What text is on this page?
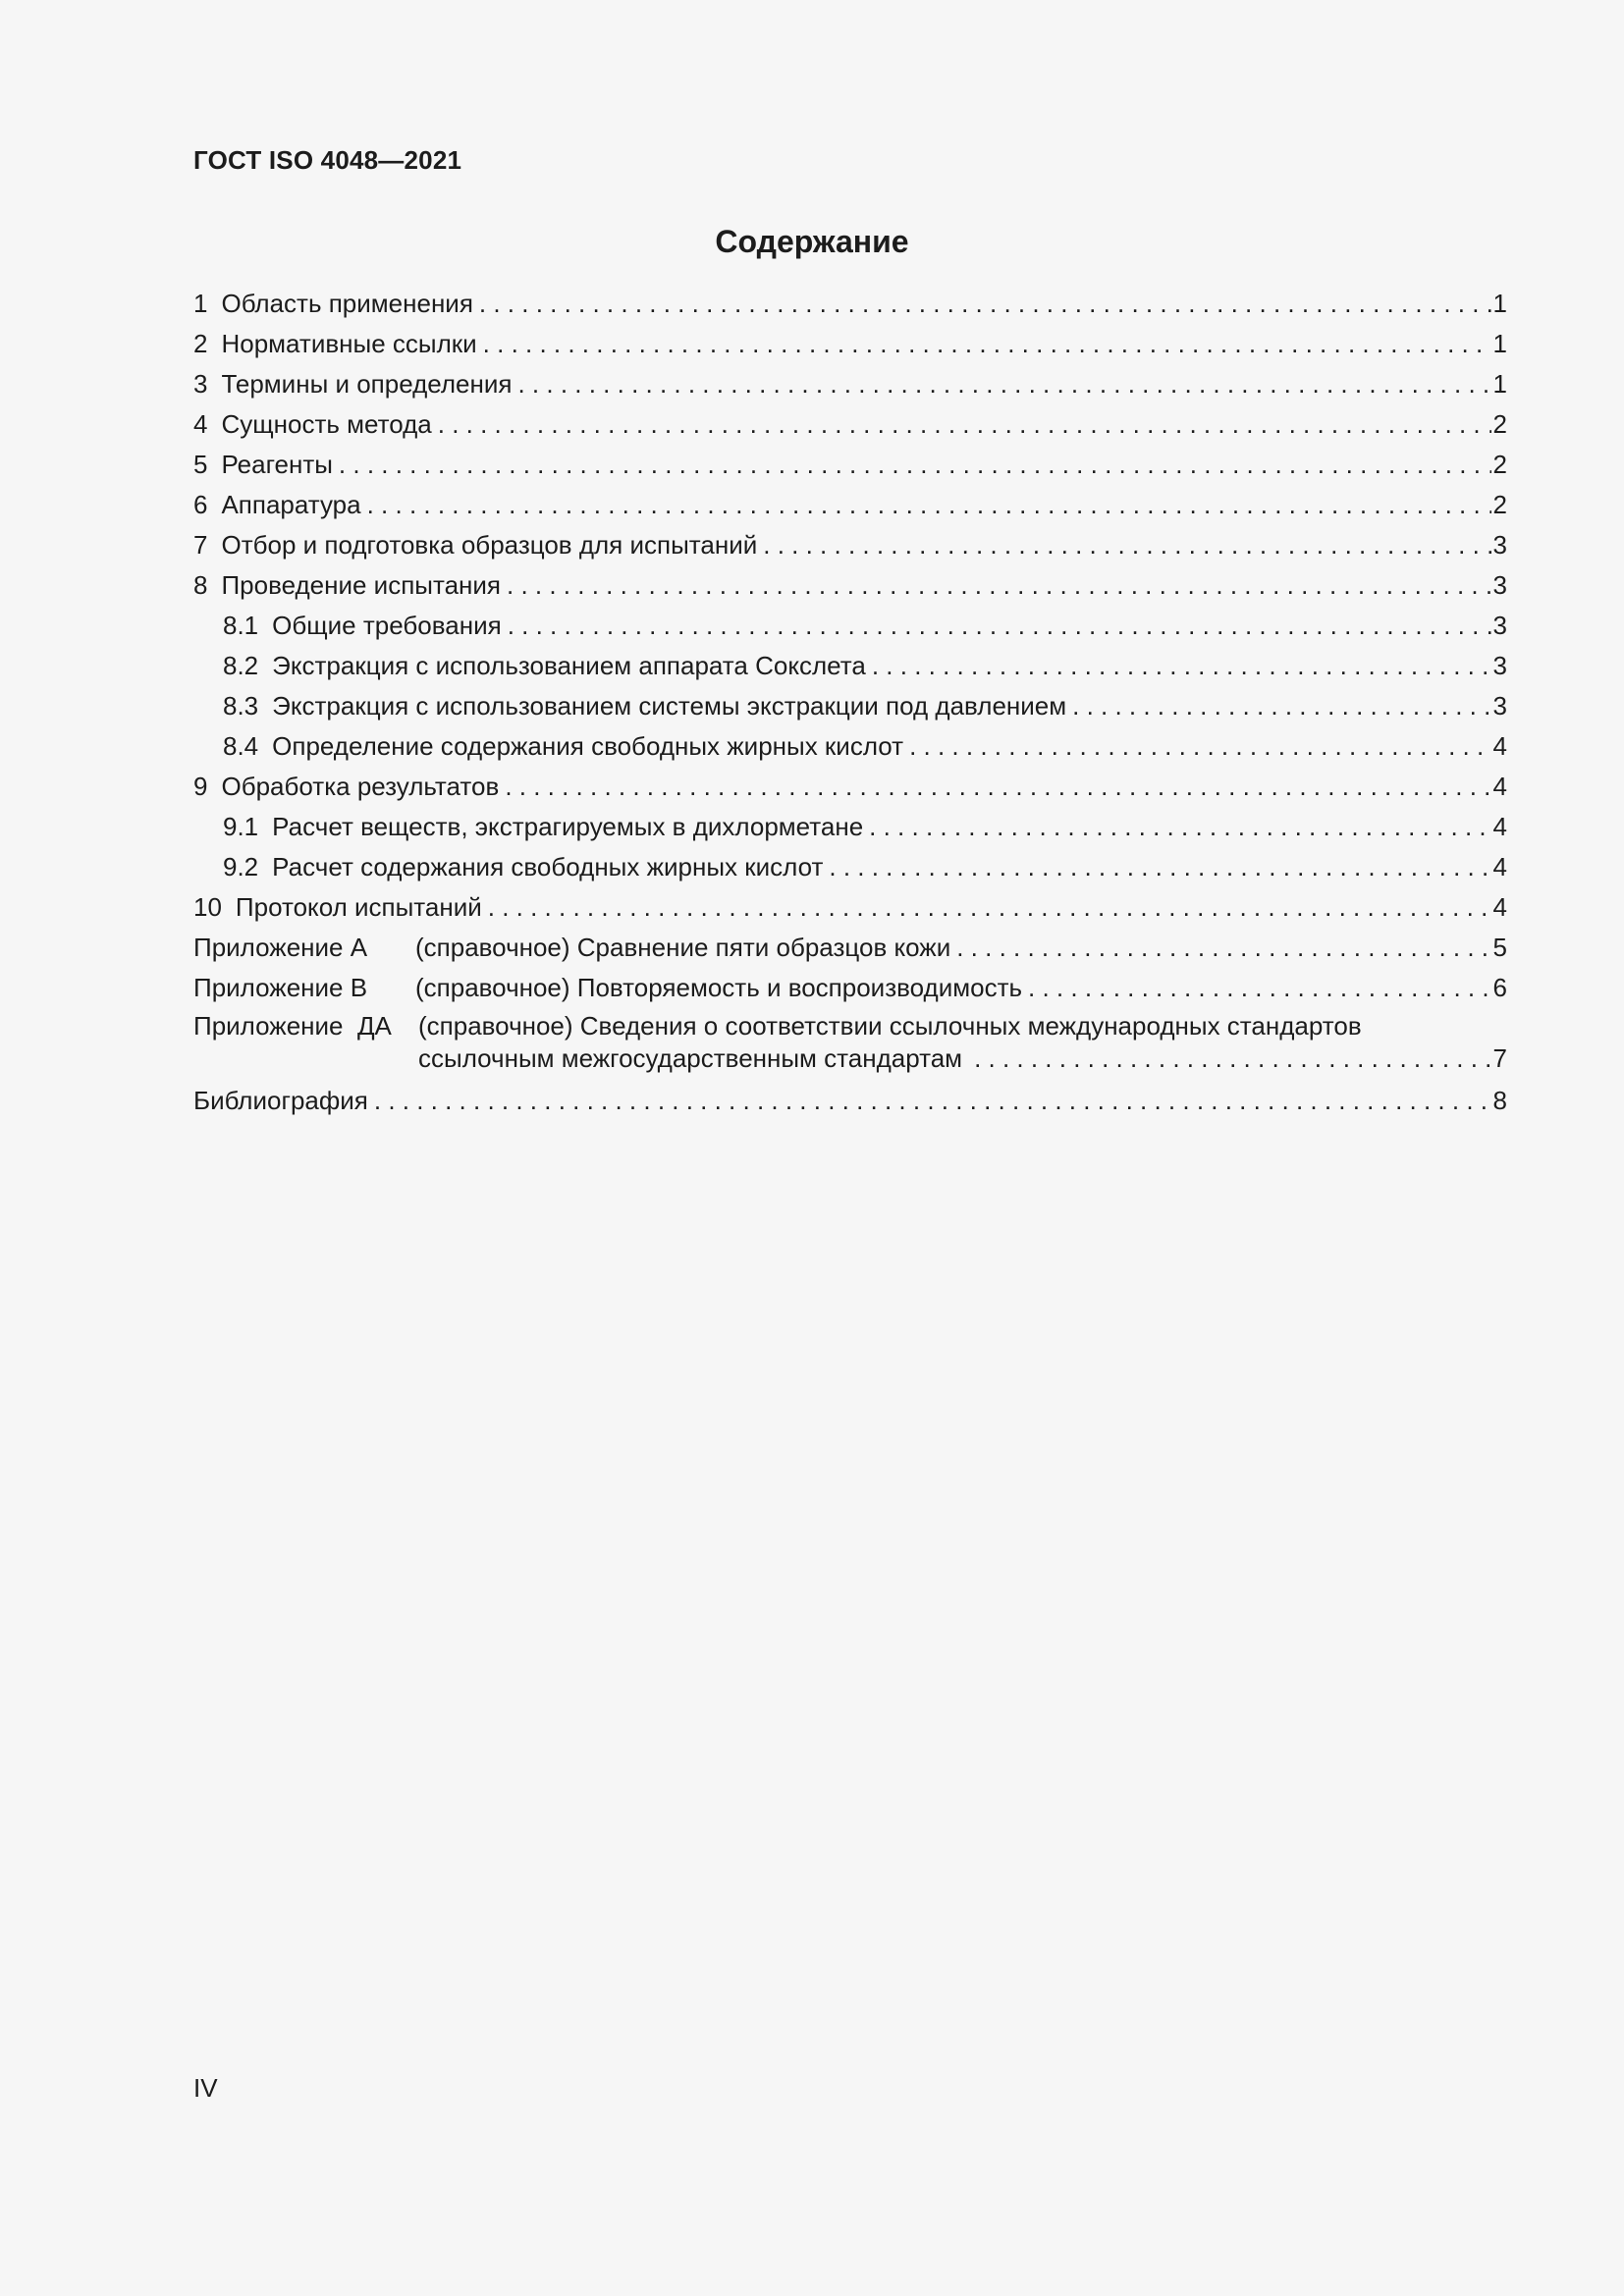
ГОСТ ISO 4048—2021
Содержание
1 Область применения . . .	1
2 Нормативные ссылки . . .	1
3 Термины и определения . . .	1
4 Сущность метода . . .	2
5 Реагенты . . .	2
6 Аппаратура . . .	2
7 Отбор и подготовка образцов для испытаний . . .	3
8 Проведение испытания . . .	3
8.1 Общие требования . . .	3
8.2 Экстракция с использованием аппарата Сокслета . . .	3
8.3 Экстракция с использованием системы экстракции под давлением . . .	3
8.4 Определение содержания свободных жирных кислот . . .	4
9 Обработка результатов . . .	4
9.1 Расчет веществ, экстрагируемых в дихлорметане . . .	4
9.2 Расчет содержания свободных жирных кислот . . .	4
10 Протокол испытаний . . .	4
Приложение А	(справочное) Сравнение пяти образцов кожи . . .	5
Приложение В	(справочное) Повторяемость и воспроизводимость . . .	6
Приложение  ДА	(справочное) Сведения о соответствии ссылочных международных стандартов
ссылочным межгосударственным стандартам . . .	7
Библиография . . .	8
IV
